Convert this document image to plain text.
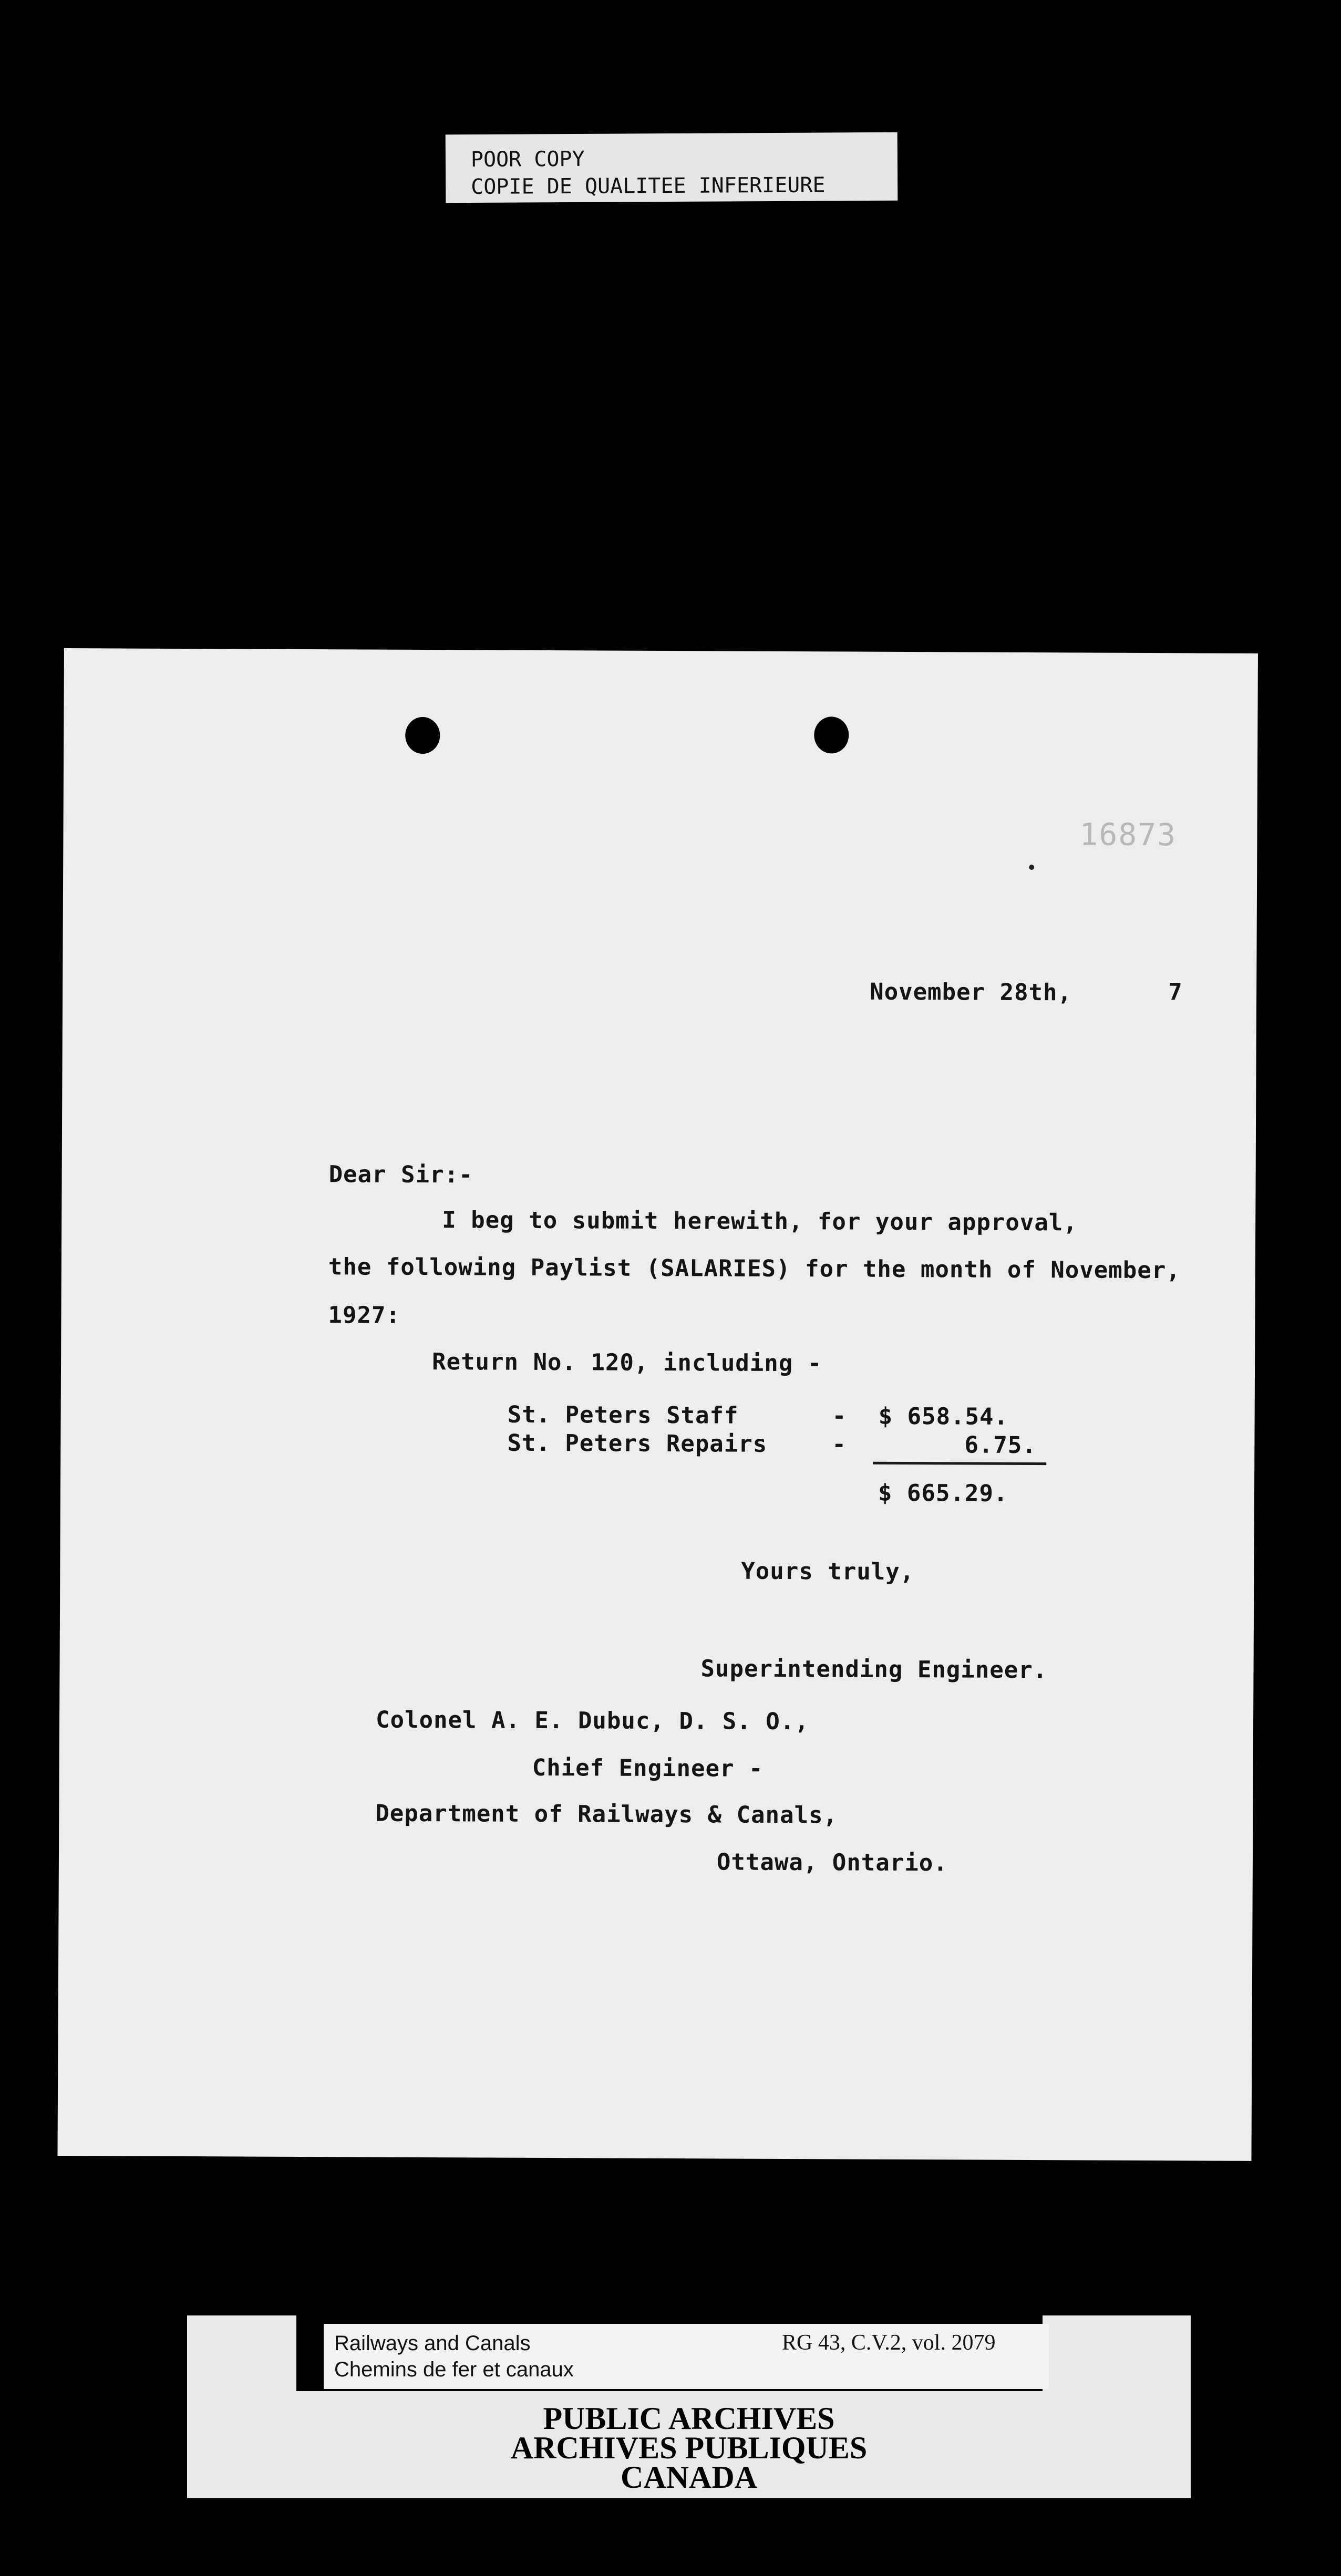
POOR COPY
COPIE DE QUALITEE INFERIEURE
16873
November 28th,	7
Dear Sir:-
I beg to submit herewith, for your approval,
the following Paylist (SALARIES) for the month of November,
1927:
Return No. 120, including -
St. Peters Staff	- $ 658.54.
St. Peters Repairs	-	6.75.
$ 665.29.
Yours truly,
Superintending Engineer.
Colonel A. E. Dubuc, D. S. O.,
Chief Engineer -
Department of Railways & Canals,
Ottawa, Ontario.
Railways and Canals
Chemins de fer et canaux
RG 43, C.V.2, vol. 2079
PUBLIC ARCHIVES
ARCHIVES PUBLIQUES
CANADA
